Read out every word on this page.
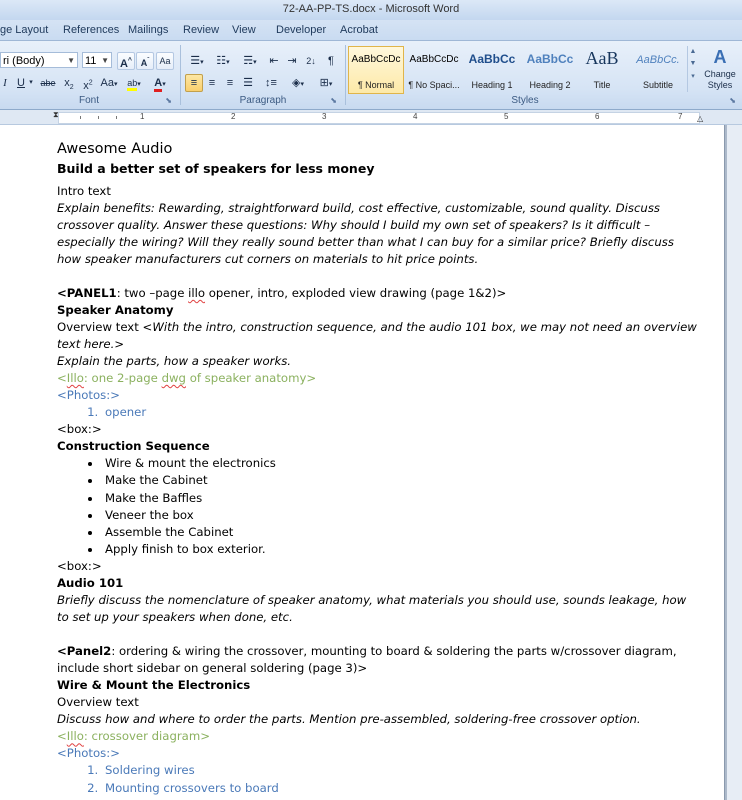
72-AA-PP-TS.docx - Microsoft Word
ge Layout References Mailings Review View Developer Acrobat
ri (Body)	▼ 11 ▼ A^ $A^ˇ$	Aa
I U ▾ abe $x_2$ $x^2$ Aa▾	ab▾	A▾
Font	⬊
☰▾	☷▾	☴▾	⇤ ⇥	2↓	¶
≡	≡	≡ ☰	↕≡	◈▾	⊞▾
Paragraph	⬊
AaBbCcDc
¶ Normal
AaBbCcDc
¶ No Spaci...
AaBbCc
Heading 1
AaBbCc
Heading 2
AaB
Title
AaBbCc.
Subtitle
▲
▼
▾
A
Change Styles
Styles	⬊
⧗	1	2	3	4	5	6	7 △

Awesome Audio

Build a better set of speakers for less money

Intro text

Explain benefits: Rewarding, straightforward build, cost effective, customizable, sound quality. Discuss crossover quality. Answer these questions: Why should I build my own set of speakers? Is it difficult – especially the wiring? Will they really sound better than what I can buy for a similar price? Briefly discuss how speaker manufacturers cut corners on materials to hit price points.

<PANEL1: two –page illo opener, intro, exploded view drawing (page 1&2)>

Speaker Anatomy

Overview text <With the intro, construction sequence, and the audio 101 box, we may not need an overview text here.>

Explain the parts, how a speaker works.

<Illo: one 2-page dwg of speaker anatomy>

<Photos:>

1. opener

<box:>

Construction Sequence

• Wire & mount the electronics
• Make the Cabinet
• Make the Baffles
• Veneer the box
• Assemble the Cabinet
• Apply finish to box exterior.

<box:>

Audio 101

Briefly discuss the nomenclature of speaker anatomy, what materials you should use, sounds leakage, how to set up your speakers when done, etc.

<Panel2: ordering & wiring the crossover, mounting to board & soldering the parts w/crossover diagram, include short sidebar on general soldering (page 3)>

Wire & Mount the Electronics

Overview text

Discuss how and where to order the parts. Mention pre-assembled, soldering-free crossover option.

<Illo: crossover diagram>

<Photos:>

1. Soldering wires
2. Mounting crossovers to board
